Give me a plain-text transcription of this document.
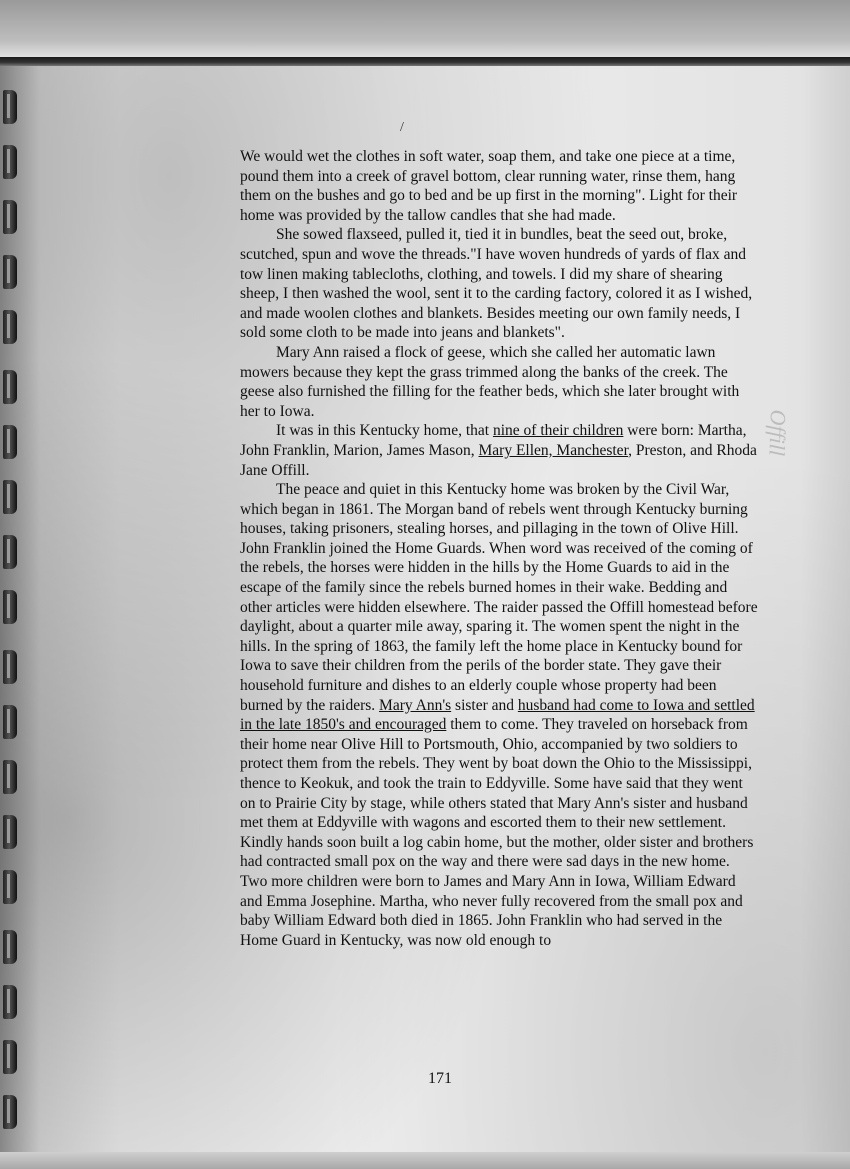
/

We would wet the clothes in soft water, soap them, and take one piece at a time, pound them into a creek of gravel bottom, clear running water, rinse them, hang them on the bushes and go to bed and be up first in the morning". Light for their home was provided by the tallow candles that she had made.

She sowed flaxseed, pulled it, tied it in bundles, beat the seed out, broke, scutched, spun and wove the threads."I have woven hundreds of yards of flax and tow linen making tablecloths, clothing, and towels. I did my share of shearing sheep, I then washed the wool, sent it to the carding factory, colored it as I wished, and made woolen clothes and blankets. Besides meeting our own family needs, I sold some cloth to be made into jeans and blankets".

Mary Ann raised a flock of geese, which she called her automatic lawn mowers because they kept the grass trimmed along the banks of the creek. The geese also furnished the filling for the feather beds, which she later brought with her to Iowa.

It was in this Kentucky home, that nine of their children were born: Martha, John Franklin, Marion, James Mason, Mary Ellen, Manchester, Preston, and Rhoda Jane Offill.

The peace and quiet in this Kentucky home was broken by the Civil War, which began in 1861. The Morgan band of rebels went through Kentucky burning houses, taking prisoners, stealing horses, and pillaging in the town of Olive Hill. John Franklin joined the Home Guards. When word was received of the coming of the rebels, the horses were hidden in the hills by the Home Guards to aid in the escape of the family since the rebels burned homes in their wake. Bedding and other articles were hidden elsewhere. The raider passed the Offill homestead before daylight, about a quarter mile away, sparing it. The women spent the night in the hills. In the spring of 1863, the family left the home place in Kentucky bound for Iowa to save their children from the perils of the border state. They gave their household furniture and dishes to an elderly couple whose property had been burned by the raiders. Mary Ann's sister and husband had come to Iowa and settled in the late 1850's and encouraged them to come. They traveled on horseback from their home near Olive Hill to Portsmouth, Ohio, accompanied by two soldiers to protect them from the rebels. They went by boat down the Ohio to the Mississippi, thence to Keokuk, and took the train to Eddyville. Some have said that they went on to Prairie City by stage, while others stated that Mary Ann's sister and husband met them at Eddyville with wagons and escorted them to their new settlement. Kindly hands soon built a log cabin home, but the mother, older sister and brothers had contracted small pox on the way and there were sad days in the new home. Two more children were born to James and Mary Ann in Iowa, William Edward and Emma Josephine. Martha, who never fully recovered from the small pox and baby William Edward both died in 1865. John Franklin who had served in the Home Guard in Kentucky, was now old enough to

Offill
171
